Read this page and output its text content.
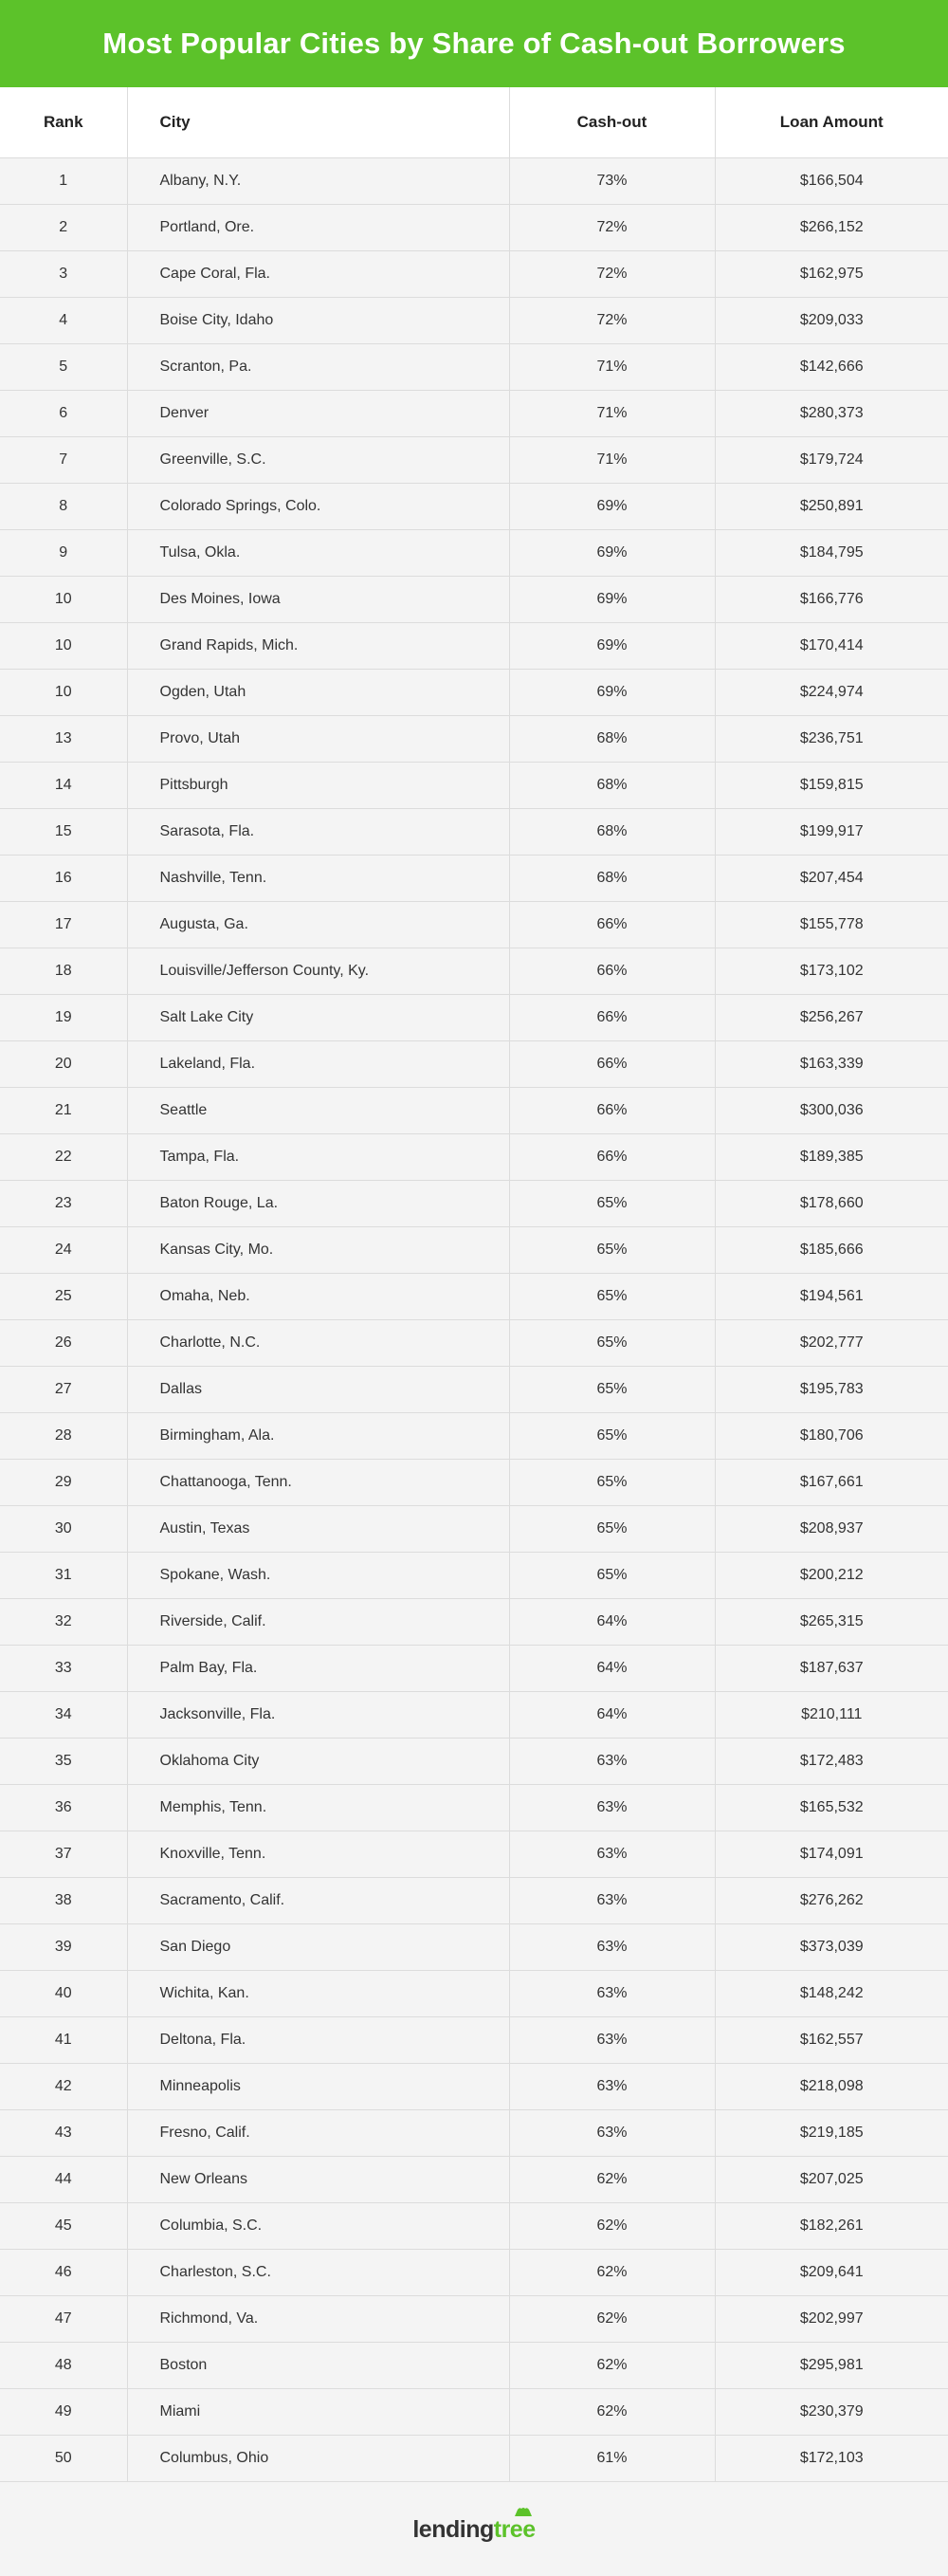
Most Popular Cities by Share of Cash-out Borrowers
Rank	City	Cash-out	Loan Amount
1	Albany, N.Y.	73%	$166,504
2	Portland, Ore.	72%	$266,152
3	Cape Coral, Fla.	72%	$162,975
4	Boise City, Idaho	72%	$209,033
5	Scranton, Pa.	71%	$142,666
6	Denver	71%	$280,373
7	Greenville, S.C.	71%	$179,724
8	Colorado Springs, Colo.	69%	$250,891
9	Tulsa, Okla.	69%	$184,795
10	Des Moines, Iowa	69%	$166,776
10	Grand Rapids, Mich.	69%	$170,414
10	Ogden, Utah	69%	$224,974
13	Provo, Utah	68%	$236,751
14	Pittsburgh	68%	$159,815
15	Sarasota, Fla.	68%	$199,917
16	Nashville, Tenn.	68%	$207,454
17	Augusta, Ga.	66%	$155,778
18	Louisville/Jefferson County, Ky.	66%	$173,102
19	Salt Lake City	66%	$256,267
20	Lakeland, Fla.	66%	$163,339
21	Seattle	66%	$300,036
22	Tampa, Fla.	66%	$189,385
23	Baton Rouge, La.	65%	$178,660
24	Kansas City, Mo.	65%	$185,666
25	Omaha, Neb.	65%	$194,561
26	Charlotte, N.C.	65%	$202,777
27	Dallas	65%	$195,783
28	Birmingham, Ala.	65%	$180,706
29	Chattanooga, Tenn.	65%	$167,661
30	Austin, Texas	65%	$208,937
31	Spokane, Wash.	65%	$200,212
32	Riverside, Calif.	64%	$265,315
33	Palm Bay, Fla.	64%	$187,637
34	Jacksonville, Fla.	64%	$210,111
35	Oklahoma City	63%	$172,483
36	Memphis, Tenn.	63%	$165,532
37	Knoxville, Tenn.	63%	$174,091
38	Sacramento, Calif.	63%	$276,262
39	San Diego	63%	$373,039
40	Wichita, Kan.	63%	$148,242
41	Deltona, Fla.	63%	$162,557
42	Minneapolis	63%	$218,098
43	Fresno, Calif.	63%	$219,185
44	New Orleans	62%	$207,025
45	Columbia, S.C.	62%	$182,261
46	Charleston, S.C.	62%	$209,641
47	Richmond, Va.	62%	$202,997
48	Boston	62%	$295,981
49	Miami	62%	$230,379
50	Columbus, Ohio	61%	$172,103
lendingtree
